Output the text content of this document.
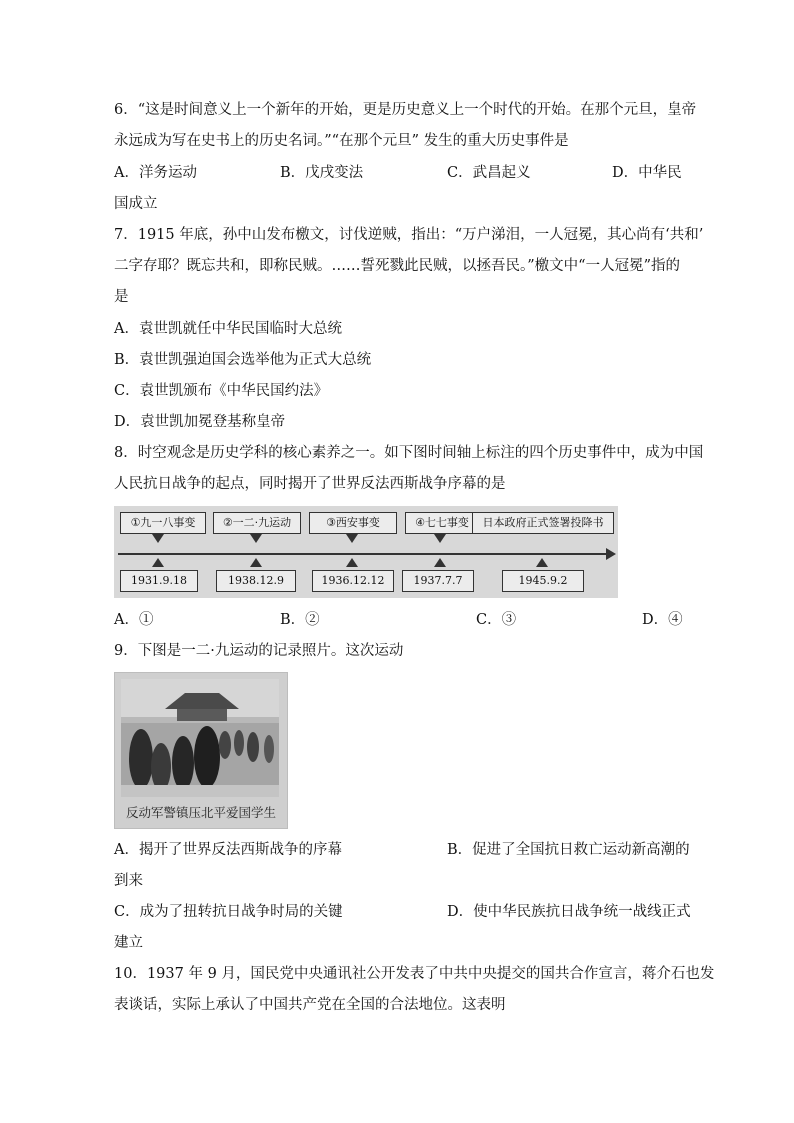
6．“这是时间意义上一个新年的开始，更是历史意义上一个时代的开始。在那个元旦，皇帝
永远成为写在史书上的历史名词。”“在那个元旦” 发生的重大历史事件是
A．洋务运动	B．戊戌变法	C．武昌起义	D．中华民
国成立
7．1915 年底，孙中山发布檄文，讨伐逆贼，指出：“万户涕泪，一人冠冕，其心尚有‘共和’
二字存耶？既忘共和，即称民贼。……誓死戮此民贼，以拯吾民。”檄文中“一人冠冕”指的
是
A．袁世凯就任中华民国临时大总统
B．袁世凯强迫国会选举他为正式大总统
C．袁世凯颁布《中华民国约法》
D．袁世凯加冕登基称皇帝
8．时空观念是历史学科的核心素养之一。如下图时间轴上标注的四个历史事件中，成为中国
人民抗日战争的起点，同时揭开了世界反法西斯战争序幕的是
①九一八事变	②一二·九运动	③西安事变	④七七事变	日本政府正式签署投降书
1931.9.18	1938.12.9	1936.12.12	1937.7.7	1945.9.2
A．①	B．②	C．③	D．④
9．下图是一二·九运动的记录照片。这次运动
反动军警镇压北平爱国学生
A．揭开了世界反法西斯战争的序幕	B．促进了全国抗日救亡运动新高潮的
到来
C．成为了扭转抗日战争时局的关键	D．使中华民族抗日战争统一战线正式
建立
10．1937 年 9 月，国民党中央通讯社公开发表了中共中央提交的国共合作宣言，蒋介石也发
表谈话，实际上承认了中国共产党在全国的合法地位。这表明
